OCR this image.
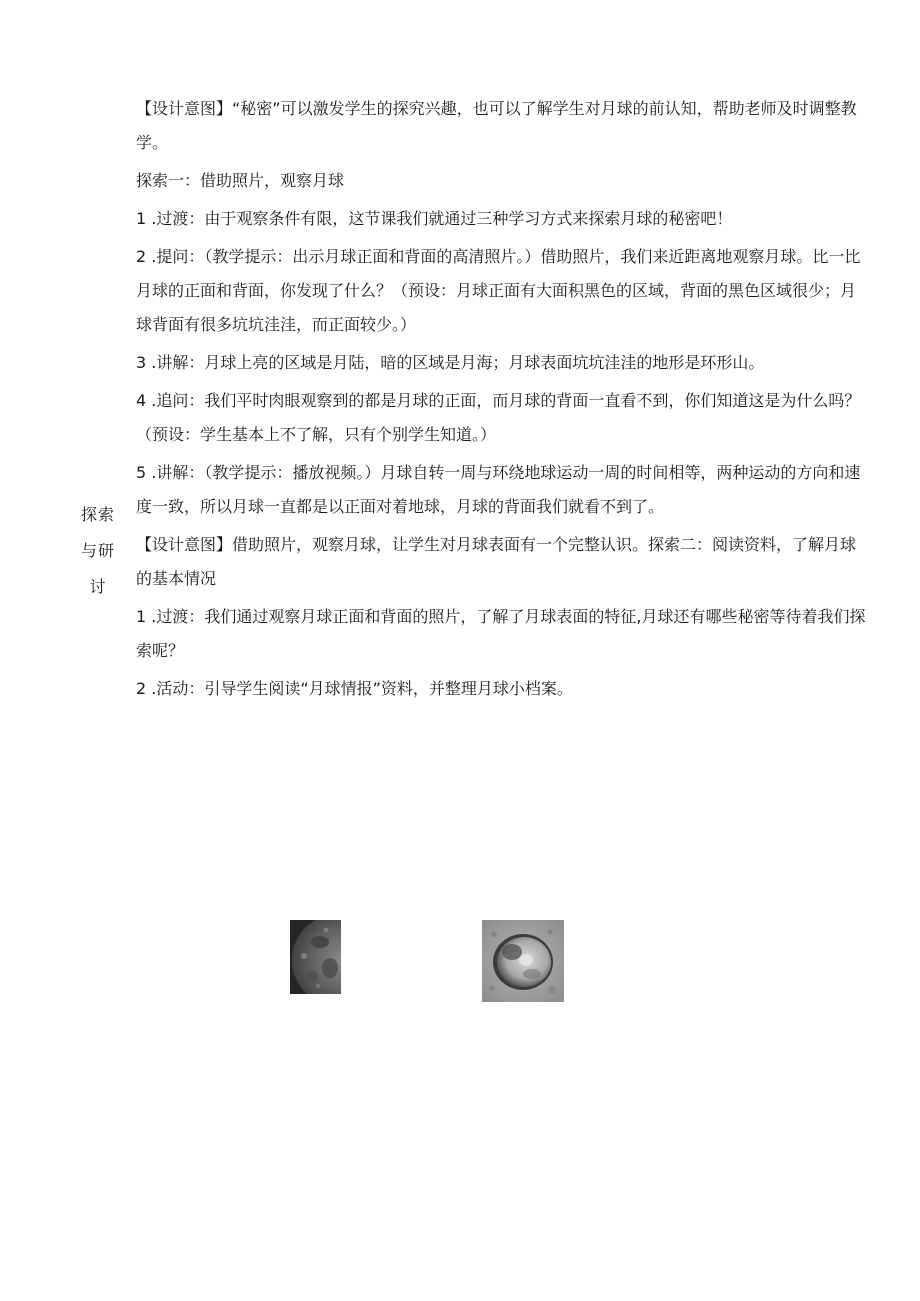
探索
与研
讨

【设计意图】“秘密”可以激发学生的探究兴趣，也可以了解学生对月球的前认知，帮助老师及时调整教学。

探索一：借助照片，观察月球

1 .过渡：由于观察条件有限，这节课我们就通过三种学习方式来探索月球的秘密吧！

2 .提问：（教学提示：出示月球正面和背面的高清照片。）借助照片，我们来近距离地观察月球。比一比月球的正面和背面，你发现了什么？（预设：月球正面有大面积黑色的区域，背面的黑色区域很少；月球背面有很多坑坑洼洼，而正面较少。）

3 .讲解：月球上亮的区域是月陆，暗的区域是月海；月球表面坑坑洼洼的地形是环形山。

4 .追问：我们平时肉眼观察到的都是月球的正面，而月球的背面一直看不到，你们知道这是为什么吗？（预设：学生基本上不了解，只有个别学生知道。）

5 .讲解：（教学提示：播放视频。）月球自转一周与环绕地球运动一周的时间相等，两种运动的方向和速度一致，所以月球一直都是以正面对着地球，月球的背面我们就看不到了。

【设计意图】借助照片，观察月球，让学生对月球表面有一个完整认识。探索二：阅读资料，了解月球的基本情况

1 .过渡：我们通过观察月球正面和背面的照片，了解了月球表面的特征,月球还有哪些秘密等待着我们探索呢？

2 .活动：引导学生阅读“月球情报”资料，并整理月球小档案。
